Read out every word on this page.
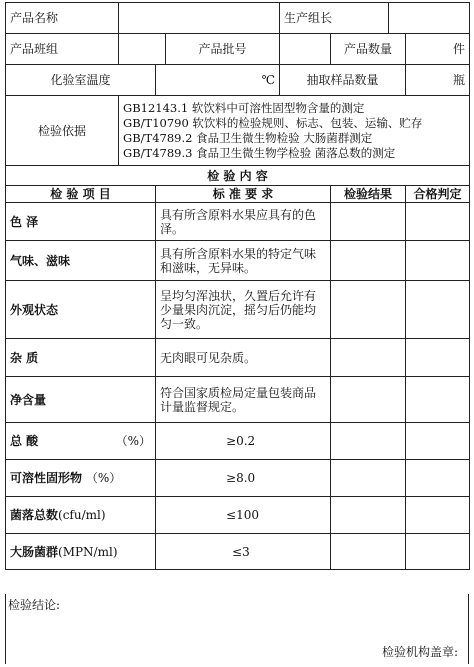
产品名称				生产组长			
产品班组			产品批号		产品数量		件
化验室温度		℃		抽取样品数量			瓶
检验依据	GB12143.1 软饮料中可溶性固型物含量的测定
GB/T10790 软饮料的检验规则、标志、包装、运输、贮存
GB/T4789.2 食品卫生微生物检验 大肠菌群测定
GB/T4789.3 食品卫生微生物学检验 菌落总数的测定						

检 验 内 容							
检 验 项 目		标 准 要 求			检验结果		合格判定
色 泽		具有所含原料水果应具有的色泽。					
气味、滋味		具有所含原料水果的特定气味和滋味，无异味。					
外观状态		呈均匀浑浊状，久置后允许有少量果肉沉淀，摇匀后仍能均匀一致。					
杂 质		无肉眼可见杂质。					
净含量		符合国家质检局定量包装商品计量监督规定。					
总 酸 （%）		≥0.2					
可溶性固形物 （%）		≥8.0					
菌落总数(cfu/ml)		≤100					
大肠菌群(MPN/ml)		≤3					
检验结论:
检验机构盖章:
